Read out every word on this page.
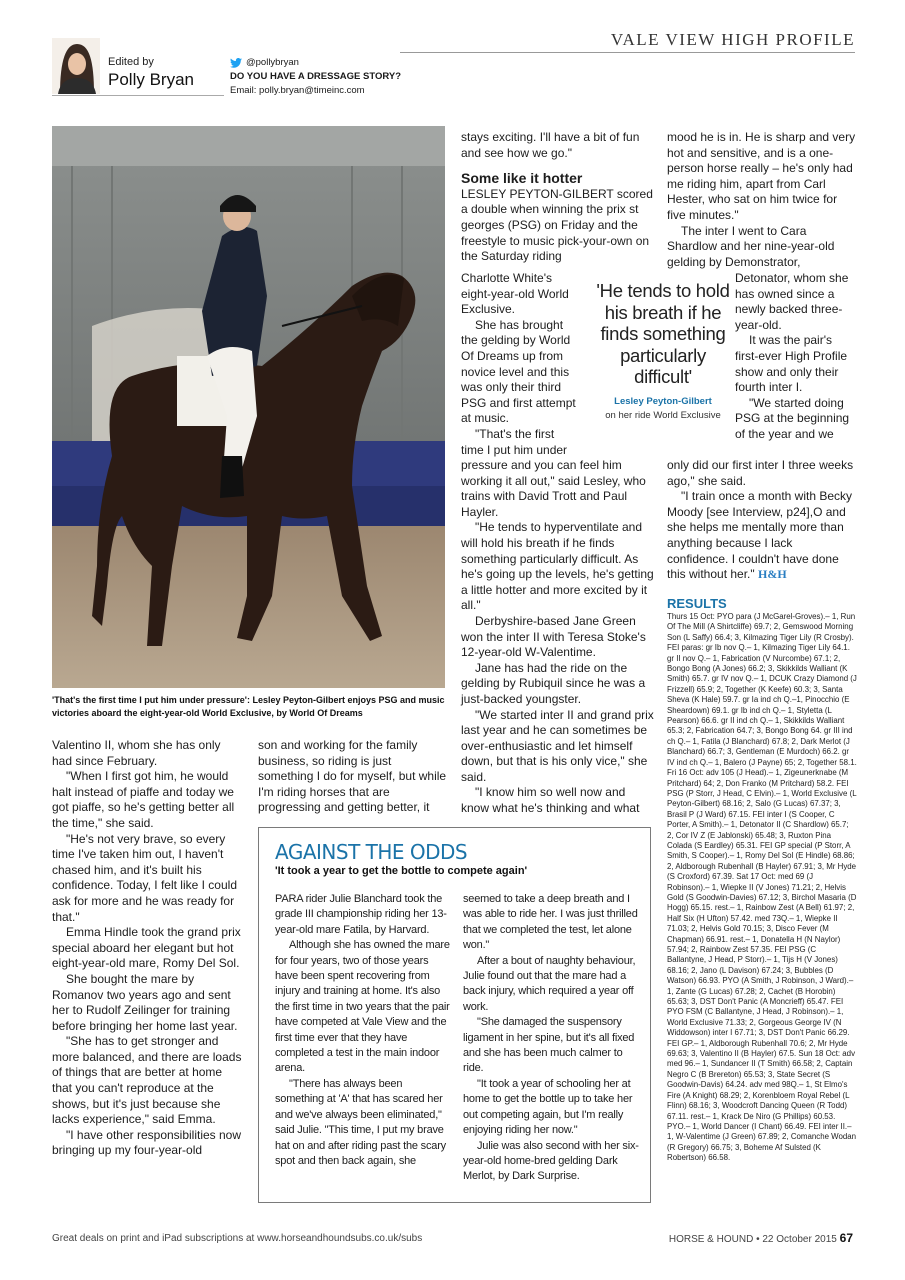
VALE VIEW HIGH PROFILE
Edited by
Polly Bryan
@pollybryan
DO YOU HAVE A DRESSAGE STORY?
Email: polly.bryan@timeinc.com
'That's the first time I put him under pressure': Lesley Peyton-Gilbert enjoys PSG and music victories aboard the eight-year-old World Exclusive, by World Of Dreams

Valentino II, whom she has only had since February.

"When I first got him, he would halt instead of piaffe and today we got piaffe, so he's getting better all the time," she said.

"He's not very brave, so every time I've taken him out, I haven't chased him, and it's built his confidence. Today, I felt like I could ask for more and he was ready for that."

Emma Hindle took the grand prix special aboard her elegant but hot eight-year-old mare, Romy Del Sol.

She bought the mare by Romanov two years ago and sent her to Rudolf Zeilinger for training before bringing her home last year.

"She has to get stronger and more balanced, and there are loads of things that are better at home that you can't reproduce at the shows, but it's just because she lacks experience," said Emma.

"I have other responsibilities now bringing up my four-year-old

son and working for the family business, so riding is just something I do for myself, but while I'm riding horses that are progressing and getting better, it

stays exciting. I'll have a bit of fun and see how we go."

Some like it hotter

LESLEY PEYTON-GILBERT scored a double when winning the prix st georges (PSG) on Friday and the freestyle to music pick-your-own on the Saturday riding

Charlotte White's eight-year-old World Exclusive.

She has brought the gelding by World Of Dreams up from novice level and this was only their third PSG and first attempt at music.

"That's the first time I put him under

pressure and you can feel him working it all out," said Lesley, who trains with David Trott and Paul Hayler.

"He tends to hyperventilate and will hold his breath if he finds something particularly difficult. As he's going up the levels, he's getting a little hotter and more excited by it all."

Derbyshire-based Jane Green won the inter II with Teresa Stoke's 12-year-old W-Valentime.

Jane has had the ride on the gelding by Rubiquil since he was a just-backed youngster.

"We started inter II and grand prix last year and he can sometimes be over-enthusiastic and let himself down, but that is his only vice," she said.

"I know him so well now and know what he's thinking and what

'He tends to hold his breath if he finds something particularly difficult'
Lesley Peyton-Gilbert
on her ride World Exclusive

mood he is in. He is sharp and very hot and sensitive, and is a one-person horse really – he's only had me riding him, apart from Carl Hester, who sat on him twice for five minutes."

The inter I went to Cara Shardlow and her nine-year-old gelding by Demonstrator,

Detonator, whom she has owned since a newly backed three-year-old.

It was the pair's first-ever High Profile show and only their fourth inter I.

"We started doing PSG at the beginning of the year and we

only did our first inter I three weeks ago," she said.

"I train once a month with Becky Moody [see Interview, p24],O and she helps me mentally more than anything because I lack confidence. I couldn't have done this without her." H&H

RESULTS
Thurs 15 Oct: PYO para (J McGarel-Groves).– 1, Run Of The Mill (A Shirtcliffe) 69.7; 2, Gemswood Morning Son (L Saffy) 66.4; 3, Kilmazing Tiger Lily (R Crosby). FEI paras: gr Ib nov Q.– 1, Kilmazing Tiger Lily 64.1. gr II nov Q.– 1, Fabrication (V Nurcombe) 67.1; 2, Bongo Bong (A Jones) 66.2; 3, Skikkilds Walliant (K Smith) 65.7. gr IV nov Q.– 1, DCUK Crazy Diamond (J Frizzell) 65.9; 2, Together (K Keefe) 60.3; 3, Santa Sheva (K Hale) 59.7. gr Ia ind ch Q.–1, Pinocchio (E Sheardown) 69.1. gr Ib ind ch Q.– 1, Styletta (L Pearson) 66.6. gr II ind ch Q.– 1, Skikkilds Walliant 65.3; 2, Fabrication 64.7; 3, Bongo Bong 64. gr III ind ch Q.– 1, Fatila (J Blanchard) 67.8; 2, Dark Merlot (J Blanchard) 66.7; 3, Gentleman (E Murdoch) 66.2. gr IV ind ch Q.– 1, Balero (J Payne) 65; 2, Together 58.1. Fri 16 Oct: adv 105 (J Head).– 1, Zigeunerknabe (M Pritchard) 64; 2, Don Franko (M Pritchard) 58.2. FEI PSG (P Storr, J Head, C Elvin).– 1, World Exclusive (L Peyton-Gilbert) 68.16; 2, Salo (G Lucas) 67.37; 3, Brasil P (J Ward) 67.15. FEI inter I (S Cooper, C Porter, A Smith).– 1, Detonator II (C Shardlow) 65.7; 2, Cor IV Z (E Jablonski) 65.48; 3, Ruxton Pina Colada (S Eardley) 65.31. FEI GP special (P Storr, A Smith, S Cooper).– 1, Romy Del Sol (E Hindle) 68.86; 2, Aldborough Rubenhall (B Hayler) 67.91; 3, Mr Hyde (S Croxford) 67.39. Sat 17 Oct: med 69 (J Robinson).– 1, Wiepke II (V Jones) 71.21; 2, Helvis Gold (S Goodwin-Davies) 67.12; 3, Birchol Masaria (D Hogg) 65.15. rest.– 1, Rainbow Zest (A Bell) 61.97; 2, Half Six (H Ufton) 57.42. med 73Q.– 1, Wiepke II 71.03; 2, Helvis Gold 70.15; 3, Disco Fever (M Chapman) 66.91. rest.– 1, Donatella H (N Naylor) 57.94; 2, Rainbow Zest 57.35. FEI PSG (C Ballantyne, J Head, P Storr).– 1, Tijs H (V Jones) 68.16; 2, Jano (L Davison) 67.24; 3, Bubbles (D Watson) 66.93. PYO (A Smith, J Robinson, J Ward).– 1, Zante (G Lucas) 67.28; 2, Cachet (B Horobin) 65.63; 3, DST Don't Panic (A Moncrieff) 65.47. FEI PYO FSM (C Ballantyne, J Head, J Robinson).– 1, World Exclusive 71.33; 2, Gorgeous George IV (N Widdowson) inter I 67.71; 3, DST Don't Panic 66.29. FEI GP.– 1, Aldborough Rubenhall 70.6; 2, Mr Hyde 69.63; 3, Valentino II (B Hayler) 67.5. Sun 18 Oct: adv med 96.– 1, Sundancer II (T Smith) 66.58; 2, Captain Negro C (B Brereton) 65.53; 3, State Secret (S Goodwin-Davis) 64.24. adv med 98Q.– 1, St Elmo's Fire (A Knight) 68.29; 2, Korenbloem Royal Rebel (L Flinn) 68.16; 3, Woodcroft Dancing Queen (R Todd) 67.11. rest.– 1, Krack De Niro (G Phillips) 60.53. PYO.– 1, World Dancer (I Chant) 66.49. FEI inter II.– 1, W-Valentime (J Green) 67.89; 2, Comanche Wodan (R Gregory) 66.75; 3, Boheme Af Sulsted (K Robertson) 66.58.
AGAINST THE ODDS
'It took a year to get the bottle to compete again'

PARA rider Julie Blanchard took the grade III championship riding her 13-year-old mare Fatila, by Harvard.

Although she has owned the mare for four years, two of those years have been spent recovering from injury and training at home. It's also the first time in two years that the pair have competed at Vale View and the first time ever that they have completed a test in the main indoor arena.

"There has always been something at 'A' that has scared her and we've always been eliminated," said Julie. "This time, I put my brave hat on and after riding past the scary spot and then back again, she

seemed to take a deep breath and I was able to ride her. I was just thrilled that we completed the test, let alone won."

After a bout of naughty behaviour, Julie found out that the mare had a back injury, which required a year off work.

"She damaged the suspensory ligament in her spine, but it's all fixed and she has been much calmer to ride.

"It took a year of schooling her at home to get the bottle up to take her out competing again, but I'm really enjoying riding her now."

Julie was also second with her six-year-old home-bred gelding Dark Merlot, by Dark Surprise.

Great deals on print and iPad subscriptions at www.horseandhoundsubs.co.uk/subs	HORSE & HOUND • 22 October 2015 67
